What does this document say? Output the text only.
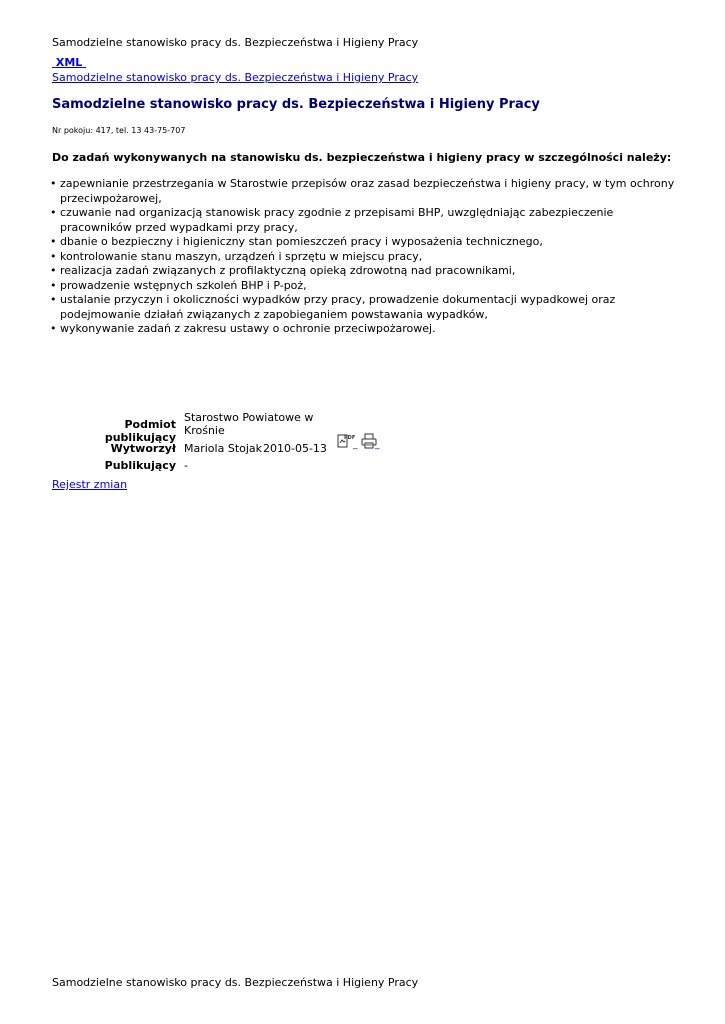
Samodzielne stanowisko pracy ds. Bezpieczeństwa i Higieny Pracy
XML
Samodzielne stanowisko pracy ds. Bezpieczeństwa i Higieny Pracy
Samodzielne stanowisko pracy ds. Bezpieczeństwa i Higieny Pracy
Nr pokoju: 417, tel. 13 43-75-707
Do zadań wykonywanych na stanowisku ds. bezpieczeństwa i higieny pracy w szczególności należy:
• zapewnianie przestrzegania w Starostwie przepisów oraz zasad bezpieczeństwa i higieny pracy, w tym ochrony przeciwpożarowej,
• czuwanie nad organizacją stanowisk pracy zgodnie z przepisami BHP, uwzględniając zabezpieczenie pracowników przed wypadkami przy pracy,
• dbanie o bezpieczny i higieniczny stan pomieszczeń pracy i wyposażenia technicznego,
• kontrolowanie stanu maszyn, urządzeń i sprzętu w miejscu pracy,
• realizacja zadań związanych z profilaktyczną opieką zdrowotną nad pracownikami,
• prowadzenie wstępnych szkoleń BHP i P-poż,
• ustalanie przyczyn i okoliczności wypadków przy pracy, prowadzenie dokumentacji wypadkowej oraz podejmowanie działań związanych z zapobieganiem powstawania wypadków,
• wykonywanie zadań z zakresu ustawy o ochronie przeciwpożarowej.
Podmiot publikujący
Starostwo Powiatowe w Krośnie
Wytworzył Mariola Stojak 2010-05-13
PDF
_ _
Publikujący -
Rejestr zmian
Samodzielne stanowisko pracy ds. Bezpieczeństwa i Higieny Pracy
